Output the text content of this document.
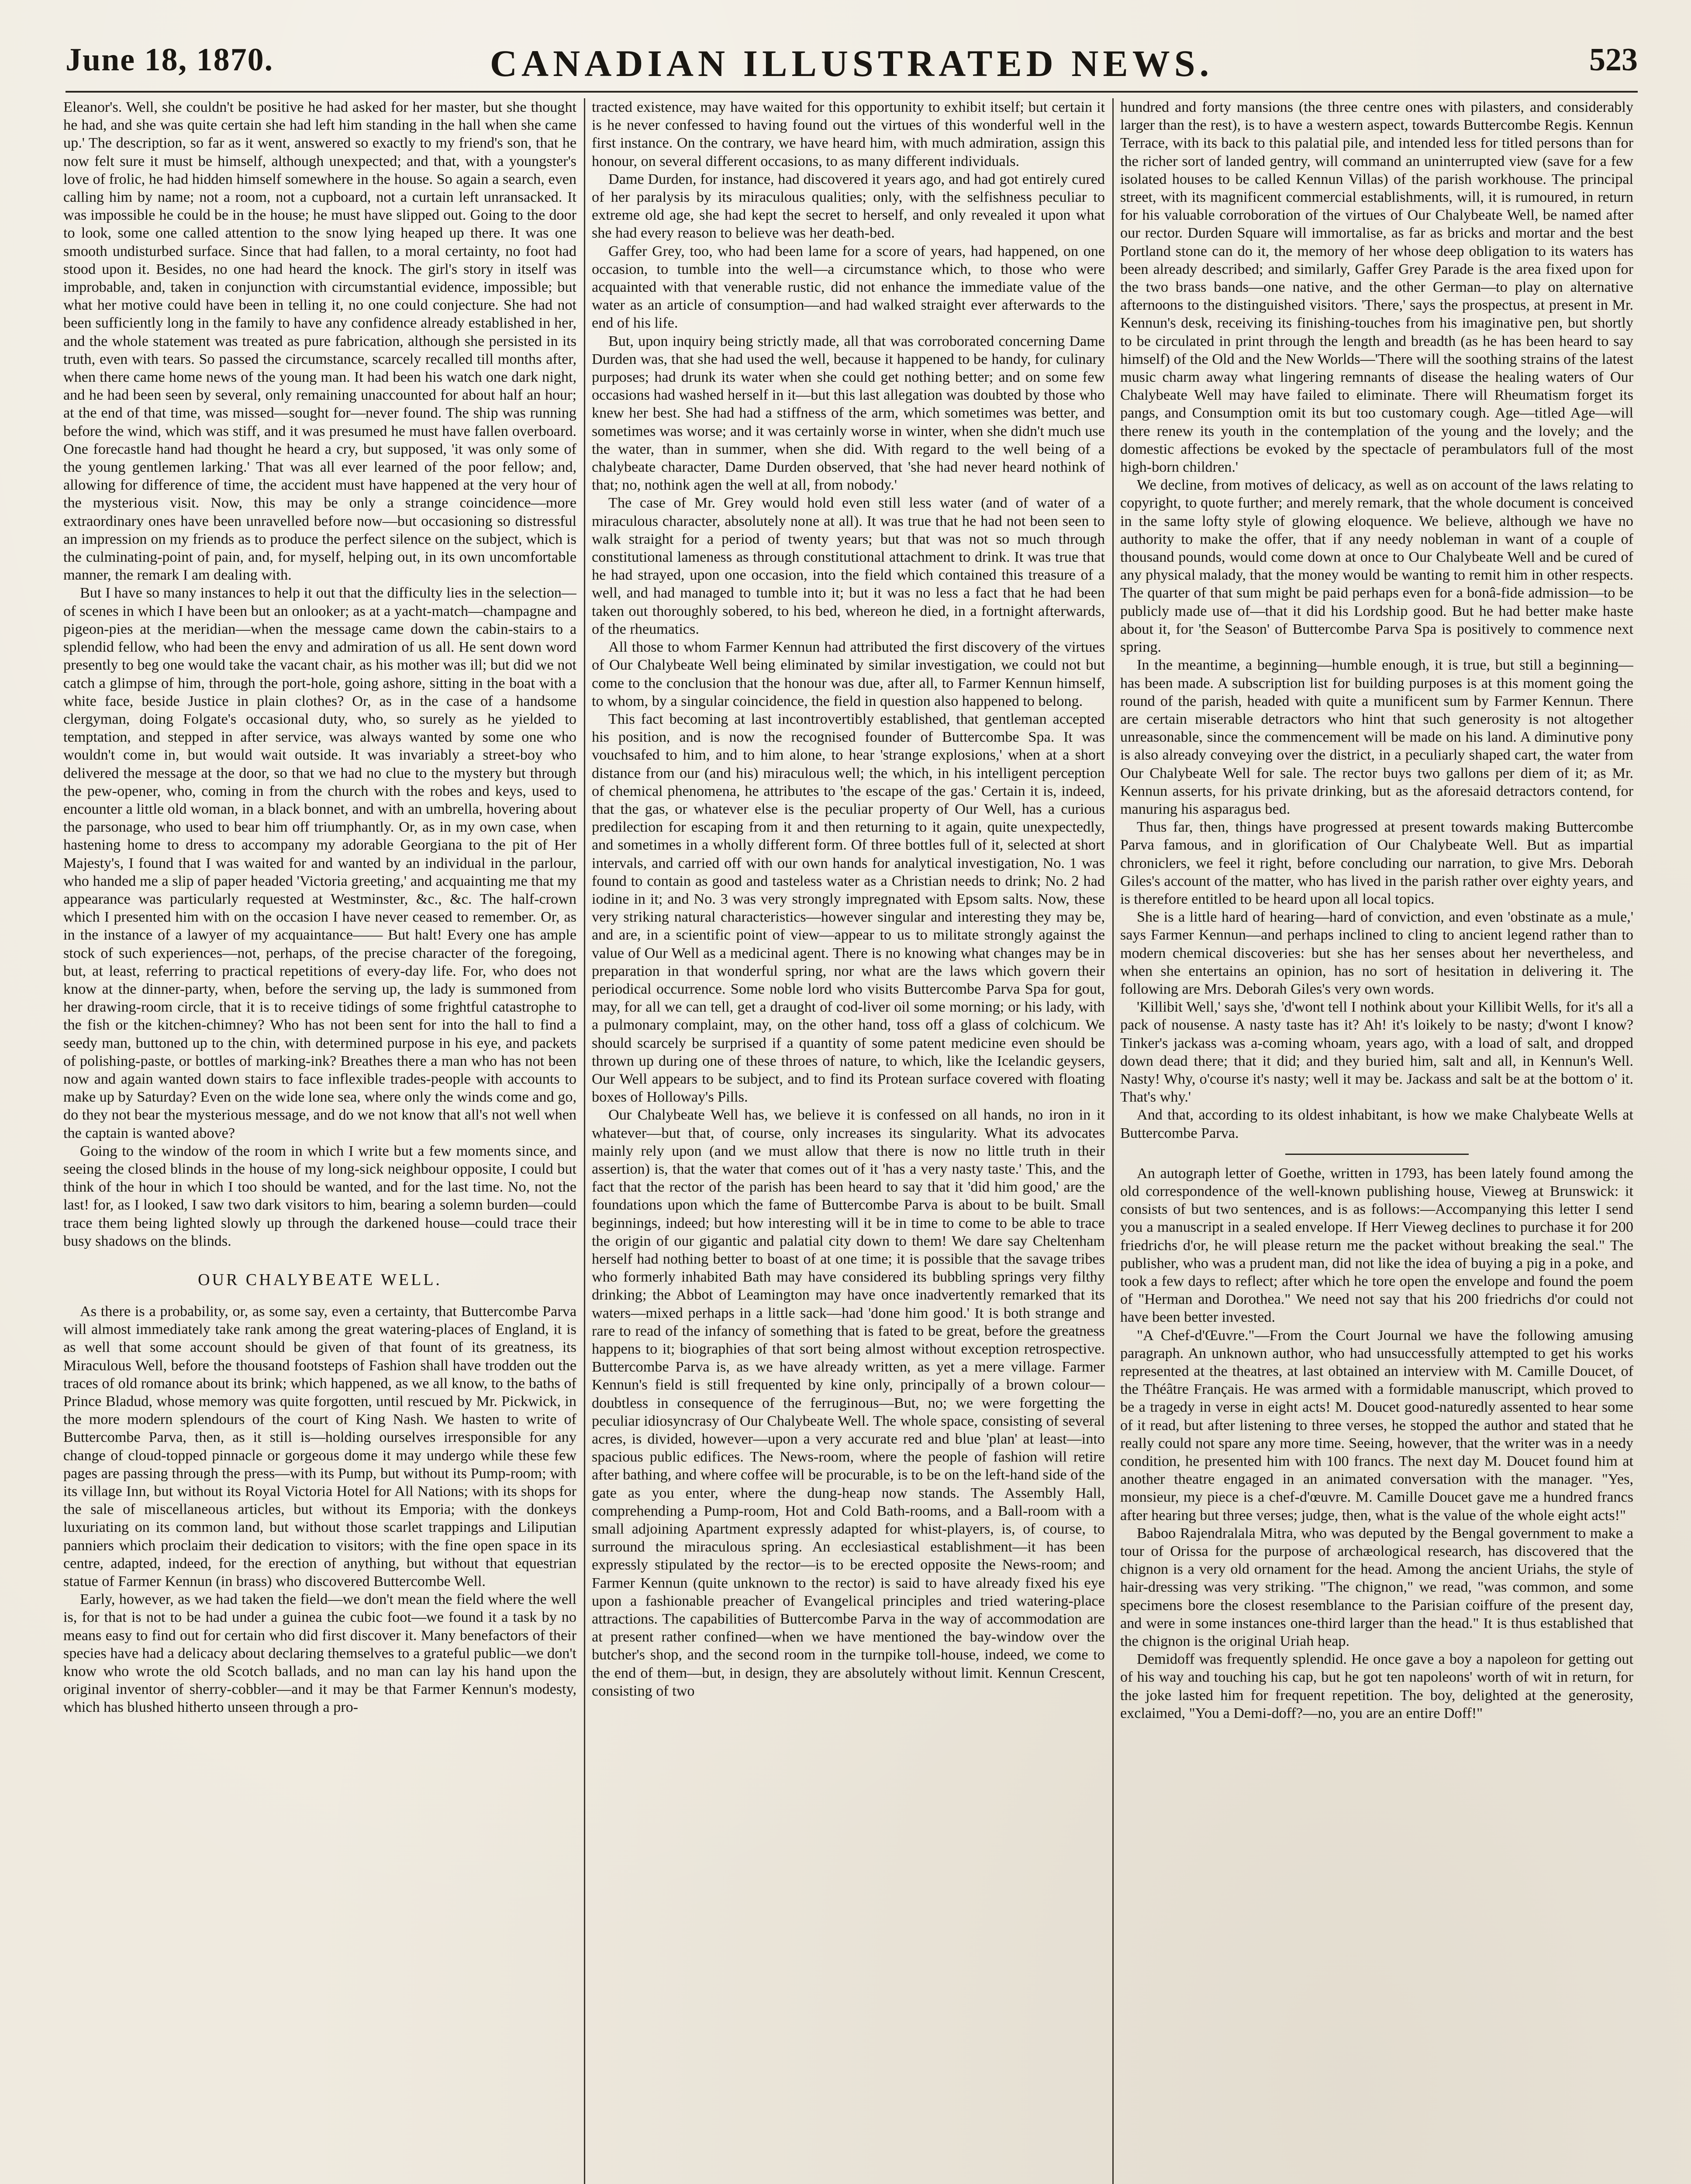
June 18, 1870.	CANADIAN ILLUSTRATED NEWS.	523

Eleanor's. Well, she couldn't be positive he had asked for her master, but she thought he had, and she was quite certain she had left him standing in the hall when she came up.' The description, so far as it went, answered so exactly to my friend's son, that he now felt sure it must be himself, although unexpected; and that, with a youngster's love of frolic, he had hidden himself somewhere in the house. So again a search, even calling him by name; not a room, not a cupboard, not a curtain left unransacked. It was impossible he could be in the house; he must have slipped out. Going to the door to look, some one called attention to the snow lying heaped up there. It was one smooth undisturbed surface. Since that had fallen, to a moral certainty, no foot had stood upon it. Besides, no one had heard the knock. The girl's story in itself was improbable, and, taken in conjunction with circumstantial evidence, impossible; but what her motive could have been in telling it, no one could conjecture. She had not been sufficiently long in the family to have any confidence already established in her, and the whole statement was treated as pure fabrication, although she persisted in its truth, even with tears. So passed the circumstance, scarcely recalled till months after, when there came home news of the young man. It had been his watch one dark night, and he had been seen by several, only remaining unaccounted for about half an hour; at the end of that time, was missed—sought for—never found. The ship was running before the wind, which was stiff, and it was presumed he must have fallen overboard. One forecastle hand had thought he heard a cry, but supposed, 'it was only some of the young gentlemen larking.' That was all ever learned of the poor fellow; and, allowing for difference of time, the accident must have happened at the very hour of the mysterious visit. Now, this may be only a strange coincidence—more extraordinary ones have been unravelled before now—but occasioning so distressful an impression on my friends as to produce the perfect silence on the subject, which is the culminating-point of pain, and, for myself, helping out, in its own uncomfortable manner, the remark I am dealing with.

But I have so many instances to help it out that the difficulty lies in the selection—of scenes in which I have been but an onlooker; as at a yacht-match—champagne and pigeon-pies at the meridian—when the message came down the cabin-stairs to a splendid fellow, who had been the envy and admiration of us all. He sent down word presently to beg one would take the vacant chair, as his mother was ill; but did we not catch a glimpse of him, through the port-hole, going ashore, sitting in the boat with a white face, beside Justice in plain clothes? Or, as in the case of a handsome clergyman, doing Folgate's occasional duty, who, so surely as he yielded to temptation, and stepped in after service, was always wanted by some one who wouldn't come in, but would wait outside. It was invariably a street-boy who delivered the message at the door, so that we had no clue to the mystery but through the pew-opener, who, coming in from the church with the robes and keys, used to encounter a little old woman, in a black bonnet, and with an umbrella, hovering about the parsonage, who used to bear him off triumphantly. Or, as in my own case, when hastening home to dress to accompany my adorable Georgiana to the pit of Her Majesty's, I found that I was waited for and wanted by an individual in the parlour, who handed me a slip of paper headed 'Victoria greeting,' and acquainting me that my appearance was particularly requested at Westminster, &c., &c. The half-crown which I presented him with on the occasion I have never ceased to remember. Or, as in the instance of a lawyer of my acquaintance—— But halt! Every one has ample stock of such experiences—not, perhaps, of the precise character of the foregoing, but, at least, referring to practical repetitions of every-day life. For, who does not know at the dinner-party, when, before the serving up, the lady is summoned from her drawing-room circle, that it is to receive tidings of some frightful catastrophe to the fish or the kitchen-chimney? Who has not been sent for into the hall to find a seedy man, buttoned up to the chin, with determined purpose in his eye, and packets of polishing-paste, or bottles of marking-ink? Breathes there a man who has not been now and again wanted down stairs to face inflexible trades-people with accounts to make up by Saturday? Even on the wide lone sea, where only the winds come and go, do they not bear the mysterious message, and do we not know that all's not well when the captain is wanted above?

Going to the window of the room in which I write but a few moments since, and seeing the closed blinds in the house of my long-sick neighbour opposite, I could but think of the hour in which I too should be wanted, and for the last time. No, not the last! for, as I looked, I saw two dark visitors to him, bearing a solemn burden—could trace them being lighted slowly up through the darkened house—could trace their busy shadows on the blinds.

OUR CHALYBEATE WELL.

As there is a probability, or, as some say, even a certainty, that Buttercombe Parva will almost immediately take rank among the great watering-places of England, it is as well that some account should be given of that fount of its greatness, its Miraculous Well, before the thousand footsteps of Fashion shall have trodden out the traces of old romance about its brink; which happened, as we all know, to the baths of Prince Bladud, whose memory was quite forgotten, until rescued by Mr. Pickwick, in the more modern splendours of the court of King Nash. We hasten to write of Buttercombe Parva, then, as it still is—holding ourselves irresponsible for any change of cloud-topped pinnacle or gorgeous dome it may undergo while these few pages are passing through the press—with its Pump, but without its Pump-room; with its village Inn, but without its Royal Victoria Hotel for All Nations; with its shops for the sale of miscellaneous articles, but without its Emporia; with the donkeys luxuriating on its common land, but without those scarlet trappings and Liliputian panniers which proclaim their dedication to visitors; with the fine open space in its centre, adapted, indeed, for the erection of anything, but without that equestrian statue of Farmer Kennun (in brass) who discovered Buttercombe Well.

Early, however, as we had taken the field—we don't mean the field where the well is, for that is not to be had under a guinea the cubic foot—we found it a task by no means easy to find out for certain who did first discover it. Many benefactors of their species have had a delicacy about declaring themselves to a grateful public—we don't know who wrote the old Scotch ballads, and no man can lay his hand upon the original inventor of sherry-cobbler—and it may be that Farmer Kennun's modesty, which has blushed hitherto unseen through a pro-

tracted existence, may have waited for this opportunity to exhibit itself; but certain it is he never confessed to having found out the virtues of this wonderful well in the first instance. On the contrary, we have heard him, with much admiration, assign this honour, on several different occasions, to as many different individuals.

Dame Durden, for instance, had discovered it years ago, and had got entirely cured of her paralysis by its miraculous qualities; only, with the selfishness peculiar to extreme old age, she had kept the secret to herself, and only revealed it upon what she had every reason to believe was her death-bed.

Gaffer Grey, too, who had been lame for a score of years, had happened, on one occasion, to tumble into the well—a circumstance which, to those who were acquainted with that venerable rustic, did not enhance the immediate value of the water as an article of consumption—and had walked straight ever afterwards to the end of his life.

But, upon inquiry being strictly made, all that was corroborated concerning Dame Durden was, that she had used the well, because it happened to be handy, for culinary purposes; had drunk its water when she could get nothing better; and on some few occasions had washed herself in it—but this last allegation was doubted by those who knew her best. She had had a stiffness of the arm, which sometimes was better, and sometimes was worse; and it was certainly worse in winter, when she didn't much use the water, than in summer, when she did. With regard to the well being of a chalybeate character, Dame Durden observed, that 'she had never heard nothink of that; no, nothink agen the well at all, from nobody.'

The case of Mr. Grey would hold even still less water (and of water of a miraculous character, absolutely none at all). It was true that he had not been seen to walk straight for a period of twenty years; but that was not so much through constitutional lameness as through constitutional attachment to drink. It was true that he had strayed, upon one occasion, into the field which contained this treasure of a well, and had managed to tumble into it; but it was no less a fact that he had been taken out thoroughly sobered, to his bed, whereon he died, in a fortnight afterwards, of the rheumatics.

All those to whom Farmer Kennun had attributed the first discovery of the virtues of Our Chalybeate Well being eliminated by similar investigation, we could not but come to the conclusion that the honour was due, after all, to Farmer Kennun himself, to whom, by a singular coincidence, the field in question also happened to belong.

This fact becoming at last incontrovertibly established, that gentleman accepted his position, and is now the recognised founder of Buttercombe Spa. It was vouchsafed to him, and to him alone, to hear 'strange explosions,' when at a short distance from our (and his) miraculous well; the which, in his intelligent perception of chemical phenomena, he attributes to 'the escape of the gas.' Certain it is, indeed, that the gas, or whatever else is the peculiar property of Our Well, has a curious predilection for escaping from it and then returning to it again, quite unexpectedly, and sometimes in a wholly different form. Of three bottles full of it, selected at short intervals, and carried off with our own hands for analytical investigation, No. 1 was found to contain as good and tasteless water as a Christian needs to drink; No. 2 had iodine in it; and No. 3 was very strongly impregnated with Epsom salts. Now, these very striking natural characteristics—however singular and interesting they may be, and are, in a scientific point of view—appear to us to militate strongly against the value of Our Well as a medicinal agent. There is no knowing what changes may be in preparation in that wonderful spring, nor what are the laws which govern their periodical occurrence. Some noble lord who visits Buttercombe Parva Spa for gout, may, for all we can tell, get a draught of cod-liver oil some morning; or his lady, with a pulmonary complaint, may, on the other hand, toss off a glass of colchicum. We should scarcely be surprised if a quantity of some patent medicine even should be thrown up during one of these throes of nature, to which, like the Icelandic geysers, Our Well appears to be subject, and to find its Protean surface covered with floating boxes of Holloway's Pills.

Our Chalybeate Well has, we believe it is confessed on all hands, no iron in it whatever—but that, of course, only increases its singularity. What its advocates mainly rely upon (and we must allow that there is now no little truth in their assertion) is, that the water that comes out of it 'has a very nasty taste.' This, and the fact that the rector of the parish has been heard to say that it 'did him good,' are the foundations upon which the fame of Buttercombe Parva is about to be built. Small beginnings, indeed; but how interesting will it be in time to come to be able to trace the origin of our gigantic and palatial city down to them! We dare say Cheltenham herself had nothing better to boast of at one time; it is possible that the savage tribes who formerly inhabited Bath may have considered its bubbling springs very filthy drinking; the Abbot of Leamington may have once inadvertently remarked that its waters—mixed perhaps in a little sack—had 'done him good.' It is both strange and rare to read of the infancy of something that is fated to be great, before the greatness happens to it; biographies of that sort being almost without exception retrospective. Buttercombe Parva is, as we have already written, as yet a mere village. Farmer Kennun's field is still frequented by kine only, principally of a brown colour—doubtless in consequence of the ferruginous—But, no; we were forgetting the peculiar idiosyncrasy of Our Chalybeate Well. The whole space, consisting of several acres, is divided, however—upon a very accurate red and blue 'plan' at least—into spacious public edifices. The News-room, where the people of fashion will retire after bathing, and where coffee will be procurable, is to be on the left-hand side of the gate as you enter, where the dung-heap now stands. The Assembly Hall, comprehending a Pump-room, Hot and Cold Bath-rooms, and a Ball-room with a small adjoining Apartment expressly adapted for whist-players, is, of course, to surround the miraculous spring. An ecclesiastical establishment—it has been expressly stipulated by the rector—is to be erected opposite the News-room; and Farmer Kennun (quite unknown to the rector) is said to have already fixed his eye upon a fashionable preacher of Evangelical principles and tried watering-place attractions. The capabilities of Buttercombe Parva in the way of accommodation are at present rather confined—when we have mentioned the bay-window over the butcher's shop, and the second room in the turnpike toll-house, indeed, we come to the end of them—but, in design, they are absolutely without limit. Kennun Crescent, consisting of two

hundred and forty mansions (the three centre ones with pilasters, and considerably larger than the rest), is to have a western aspect, towards Buttercombe Regis. Kennun Terrace, with its back to this palatial pile, and intended less for titled persons than for the richer sort of landed gentry, will command an uninterrupted view (save for a few isolated houses to be called Kennun Villas) of the parish workhouse. The principal street, with its magnificent commercial establishments, will, it is rumoured, in return for his valuable corroboration of the virtues of Our Chalybeate Well, be named after our rector. Durden Square will immortalise, as far as bricks and mortar and the best Portland stone can do it, the memory of her whose deep obligation to its waters has been already described; and similarly, Gaffer Grey Parade is the area fixed upon for the two brass bands—one native, and the other German—to play on alternative afternoons to the distinguished visitors. 'There,' says the prospectus, at present in Mr. Kennun's desk, receiving its finishing-touches from his imaginative pen, but shortly to be circulated in print through the length and breadth (as he has been heard to say himself) of the Old and the New Worlds—'There will the soothing strains of the latest music charm away what lingering remnants of disease the healing waters of Our Chalybeate Well may have failed to eliminate. There will Rheumatism forget its pangs, and Consumption omit its but too customary cough. Age—titled Age—will there renew its youth in the contemplation of the young and the lovely; and the domestic affections be evoked by the spectacle of perambulators full of the most high-born children.'

We decline, from motives of delicacy, as well as on account of the laws relating to copyright, to quote further; and merely remark, that the whole document is conceived in the same lofty style of glowing eloquence. We believe, although we have no authority to make the offer, that if any needy nobleman in want of a couple of thousand pounds, would come down at once to Our Chalybeate Well and be cured of any physical malady, that the money would be wanting to remit him in other respects. The quarter of that sum might be paid perhaps even for a bonâ-fide admission—to be publicly made use of—that it did his Lordship good. But he had better make haste about it, for 'the Season' of Buttercombe Parva Spa is positively to commence next spring.

In the meantime, a beginning—humble enough, it is true, but still a beginning—has been made. A subscription list for building purposes is at this moment going the round of the parish, headed with quite a munificent sum by Farmer Kennun. There are certain miserable detractors who hint that such generosity is not altogether unreasonable, since the commencement will be made on his land. A diminutive pony is also already conveying over the district, in a peculiarly shaped cart, the water from Our Chalybeate Well for sale. The rector buys two gallons per diem of it; as Mr. Kennun asserts, for his private drinking, but as the aforesaid detractors contend, for manuring his asparagus bed.

Thus far, then, things have progressed at present towards making Buttercombe Parva famous, and in glorification of Our Chalybeate Well. But as impartial chroniclers, we feel it right, before concluding our narration, to give Mrs. Deborah Giles's account of the matter, who has lived in the parish rather over eighty years, and is therefore entitled to be heard upon all local topics.

She is a little hard of hearing—hard of conviction, and even 'obstinate as a mule,' says Farmer Kennun—and perhaps inclined to cling to ancient legend rather than to modern chemical discoveries: but she has her senses about her nevertheless, and when she entertains an opinion, has no sort of hesitation in delivering it. The following are Mrs. Deborah Giles's very own words.

'Killibit Well,' says she, 'd'wont tell I nothink about your Killibit Wells, for it's all a pack of nousense. A nasty taste has it? Ah! it's loikely to be nasty; d'wont I know? Tinker's jackass was a-coming whoam, years ago, with a load of salt, and dropped down dead there; that it did; and they buried him, salt and all, in Kennun's Well. Nasty! Why, o'course it's nasty; well it may be. Jackass and salt be at the bottom o' it. That's why.'

And that, according to its oldest inhabitant, is how we make Chalybeate Wells at Buttercombe Parva.

An autograph letter of Goethe, written in 1793, has been lately found among the old correspondence of the well-known publishing house, Vieweg at Brunswick: it consists of but two sentences, and is as follows:—Accompanying this letter I send you a manuscript in a sealed envelope. If Herr Vieweg declines to purchase it for 200 friedrichs d'or, he will please return me the packet without breaking the seal." The publisher, who was a prudent man, did not like the idea of buying a pig in a poke, and took a few days to reflect; after which he tore open the envelope and found the poem of "Herman and Dorothea." We need not say that his 200 friedrichs d'or could not have been better invested.

"A Chef-d'Œuvre."—From the Court Journal we have the following amusing paragraph. An unknown author, who had unsuccessfully attempted to get his works represented at the theatres, at last obtained an interview with M. Camille Doucet, of the Théâtre Français. He was armed with a formidable manuscript, which proved to be a tragedy in verse in eight acts! M. Doucet good-naturedly assented to hear some of it read, but after listening to three verses, he stopped the author and stated that he really could not spare any more time. Seeing, however, that the writer was in a needy condition, he presented him with 100 francs. The next day M. Doucet found him at another theatre engaged in an animated conversation with the manager. "Yes, monsieur, my piece is a chef-d'œuvre. M. Camille Doucet gave me a hundred francs after hearing but three verses; judge, then, what is the value of the whole eight acts!"

Baboo Rajendralala Mitra, who was deputed by the Bengal government to make a tour of Orissa for the purpose of archæological research, has discovered that the chignon is a very old ornament for the head. Among the ancient Uriahs, the style of hair-dressing was very striking. "The chignon," we read, "was common, and some specimens bore the closest resemblance to the Parisian coiffure of the present day, and were in some instances one-third larger than the head." It is thus established that the chignon is the original Uriah heap.

Demidoff was frequently splendid. He once gave a boy a napoleon for getting out of his way and touching his cap, but he got ten napoleons' worth of wit in return, for the joke lasted him for frequent repetition. The boy, delighted at the generosity, exclaimed, "You a Demi-doff?—no, you are an entire Doff!"
